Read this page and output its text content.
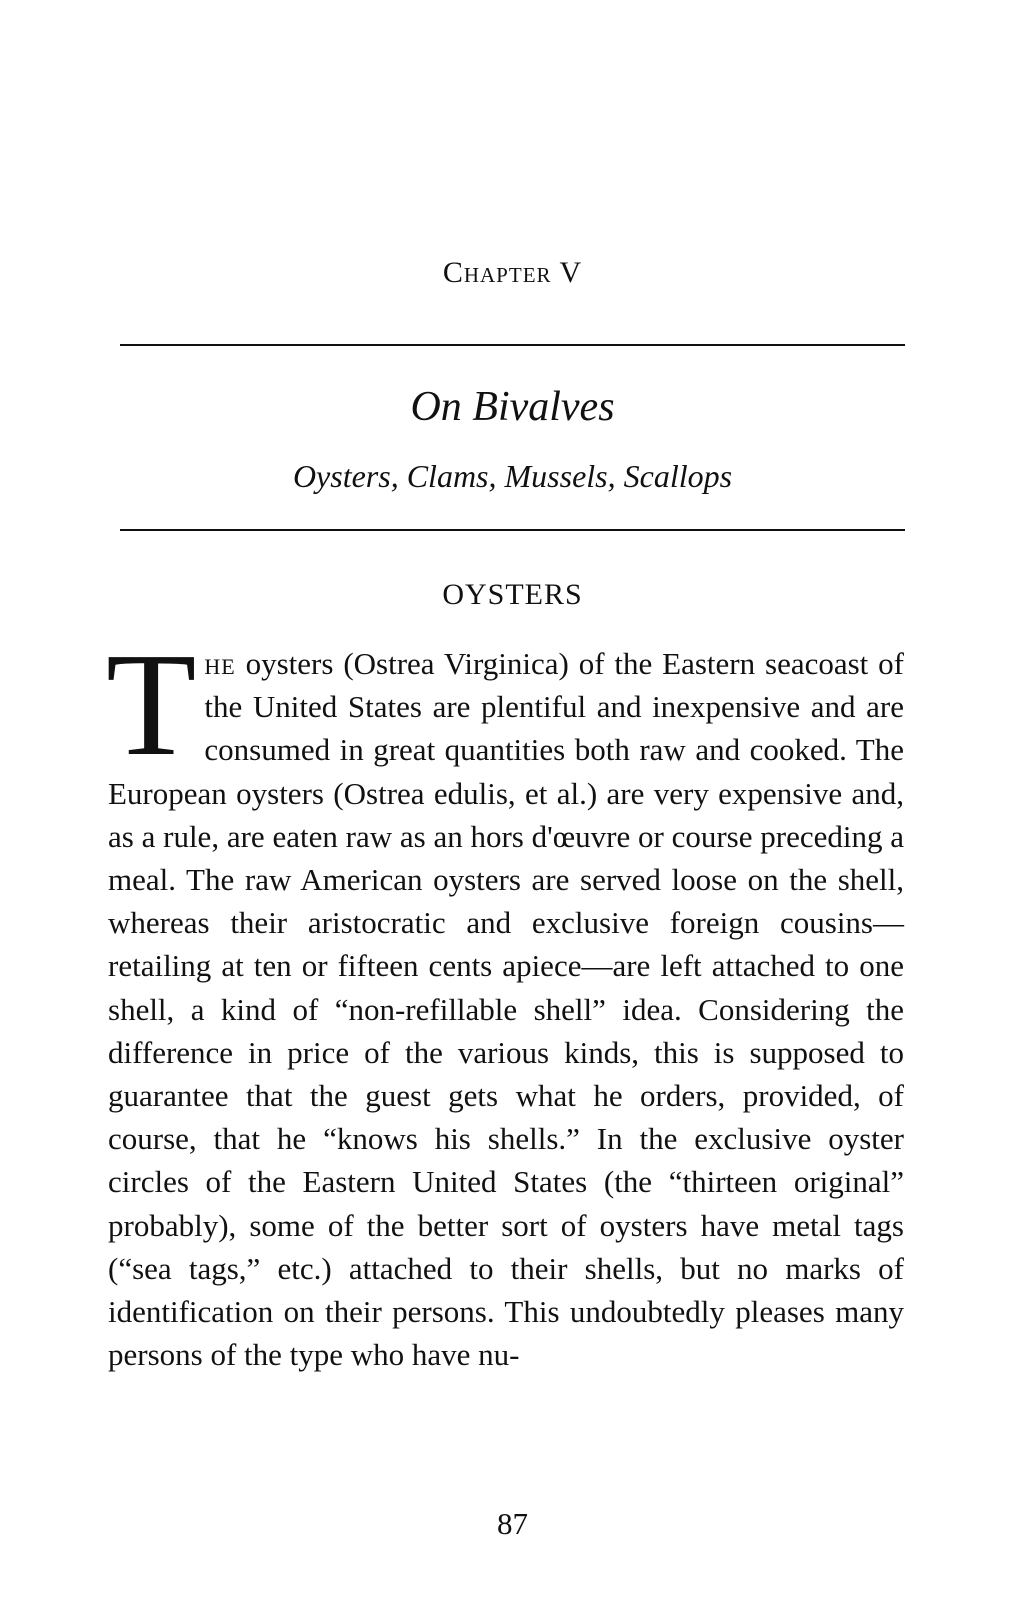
Chapter V
On Bivalves
Oysters, Clams, Mussels, Scallops
OYSTERS
The oysters (Ostrea Virginica) of the Eastern seacoast of the United States are plentiful and inexpensive and are consumed in great quantities both raw and cooked. The European oysters (Ostrea edulis, et al.) are very expensive and, as a rule, are eaten raw as an hors d'œuvre or course preceding a meal. The raw American oysters are served loose on the shell, whereas their aristocratic and exclusive foreign cousins—retailing at ten or fifteen cents apiece—are left attached to one shell, a kind of “non-refillable shell” idea. Considering the difference in price of the various kinds, this is supposed to guarantee that the guest gets what he orders, provided, of course, that he “knows his shells.” In the exclusive oyster circles of the Eastern United States (the “thirteen original” probably), some of the better sort of oysters have metal tags (“sea tags,” etc.) attached to their shells, but no marks of identification on their persons. This undoubtedly pleases many persons of the type who have nu-
87
